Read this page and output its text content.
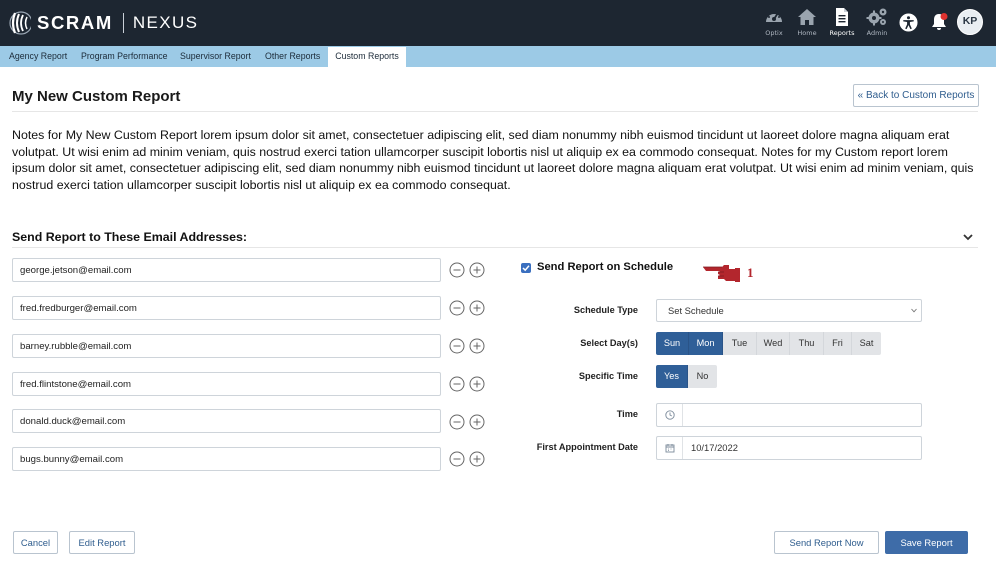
SCRAM NEXUS
Optix	Home	Reports	Admin
KP
Agency Report Program Performance Supervisor Report Other Reports	Custom Reports
My New Custom Report	« Back to Custom Reports
Notes for My New Custom Report lorem ipsum dolor sit amet, consectetuer adipiscing elit, sed diam nonummy nibh euismod tincidunt ut laoreet dolore magna aliquam erat volutpat. Ut wisi enim ad minim veniam, quis nostrud exerci tation ullamcorper suscipit lobortis nisl ut aliquip ex ea commodo consequat. Notes for my Custom report lorem ipsum dolor sit amet, consectetuer adipiscing elit, sed diam nonummy nibh euismod tincidunt ut laoreet dolore magna aliquam erat volutpat. Ut wisi enim ad minim veniam, quis nostrud exerci tation ullamcorper suscipit lobortis nisl ut aliquip ex ea commodo consequat.
Send Report to These Email Addresses:
george.jetson@email.com
fred.fredburger@email.com
barney.rubble@email.com
fred.flintstone@email.com
donald.duck@email.com
bugs.bunny@email.com
Send Report on Schedule	1
Schedule Type	Set Schedule
Select Day(s)	Sun	Mon	Tue	Wed	Thu	Fri	Sat
Specific Time	Yes	No
Time
First Appointment Date	10/17/2022
Cancel	Edit Report	Send Report Now	Save Report
